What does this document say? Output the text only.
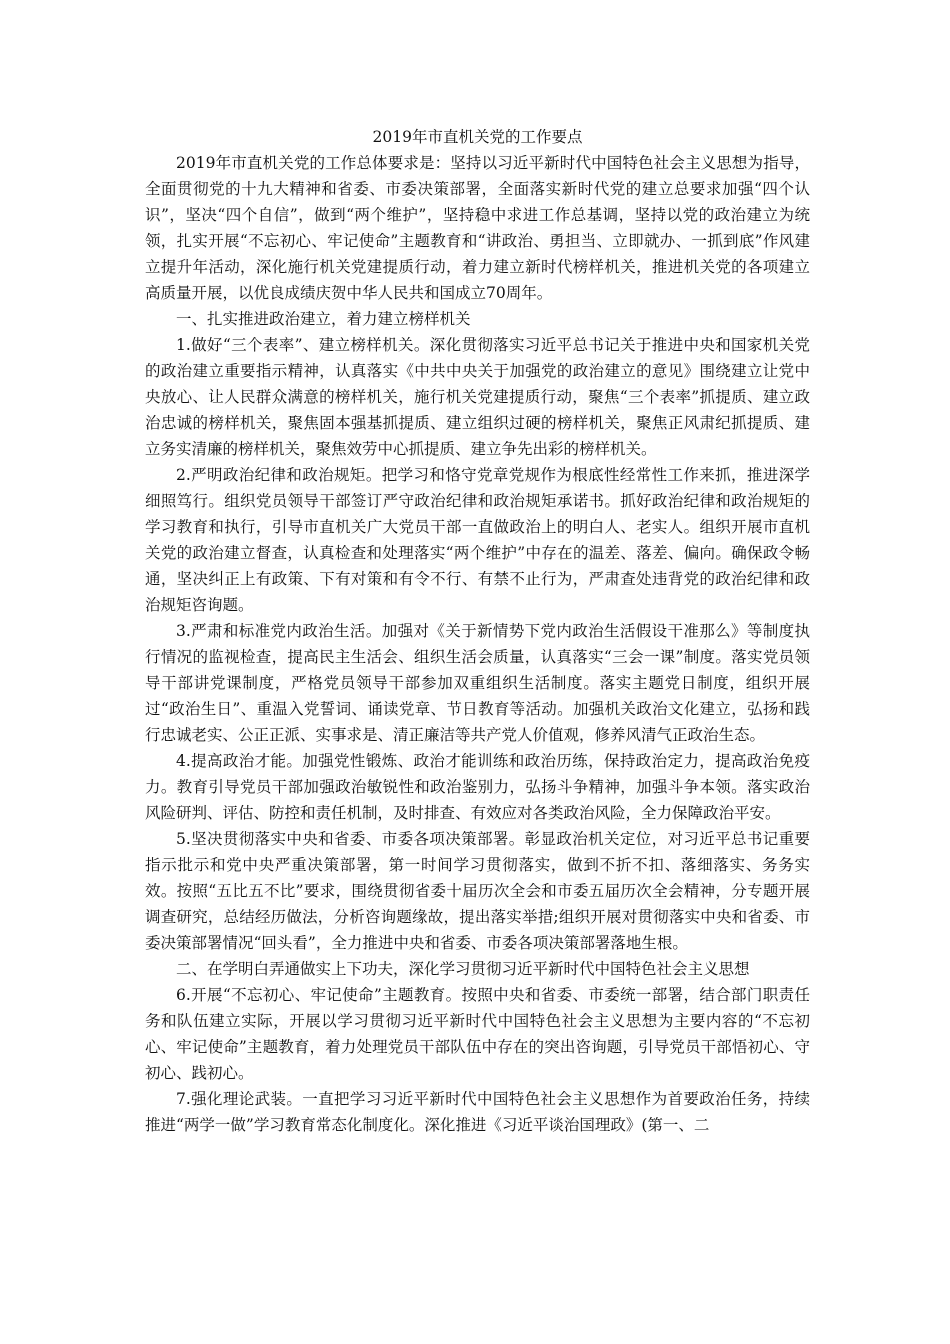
2019年市直机关党的工作要点

2019年市直机关党的工作总体要求是：坚持以习近平新时代中国特色社会主义思想为指导，全面贯彻党的十九大精神和省委、市委决策部署，全面落实新时代党的建立总要求加强“四个认识”，坚决“四个自信”，做到“两个维护”，坚持稳中求进工作总基调，坚持以党的政治建立为统领，扎实开展“不忘初心、牢记使命”主题教育和“讲政治、勇担当、立即就办、一抓到底”作风建立提升年活动，深化施行机关党建提质行动，着力建立新时代榜样机关，推进机关党的各项建立高质量开展，以优良成绩庆贺中华人民共和国成立70周年。

一、扎实推进政治建立，着力建立榜样机关

1.做好“三个表率”、建立榜样机关。深化贯彻落实习近平总书记关于推进中央和国家机关党的政治建立重要指示精神，认真落实《中共中央关于加强党的政治建立的意见》围绕建立让党中央放心、让人民群众满意的榜样机关，施行机关党建提质行动，聚焦“三个表率”抓提质、建立政治忠诚的榜样机关，聚焦固本强基抓提质、建立组织过硬的榜样机关，聚焦正风肃纪抓提质、建立务实清廉的榜样机关，聚焦效劳中心抓提质、建立争先出彩的榜样机关。

2.严明政治纪律和政治规矩。把学习和恪守党章党规作为根底性经常性工作来抓，推进深学细照笃行。组织党员领导干部签订严守政治纪律和政治规矩承诺书。抓好政治纪律和政治规矩的学习教育和执行，引导市直机关广大党员干部一直做政治上的明白人、老实人。组织开展市直机关党的政治建立督查，认真检查和处理落实“两个维护”中存在的温差、落差、偏向。确保政令畅通，坚决纠正上有政策、下有对策和有令不行、有禁不止行为，严肃查处违背党的政治纪律和政治规矩咨询题。

3.严肃和标准党内政治生活。加强对《关于新情势下党内政治生活假设干准那么》等制度执行情况的监视检查，提高民主生活会、组织生活会质量，认真落实“三会一课”制度。落实党员领导干部讲党课制度，严格党员领导干部参加双重组织生活制度。落实主题党日制度，组织开展过“政治生日”、重温入党誓词、诵读党章、节日教育等活动。加强机关政治文化建立，弘扬和践行忠诚老实、公正正派、实事求是、清正廉洁等共产党人价值观，修养风清气正政治生态。

4.提高政治才能。加强党性锻炼、政治才能训练和政治历练，保持政治定力，提高政治免疫力。教育引导党员干部加强政治敏锐性和政治鉴别力，弘扬斗争精神，加强斗争本领。落实政治风险研判、评估、防控和责任机制，及时排查、有效应对各类政治风险，全力保障政治平安。

5.坚决贯彻落实中央和省委、市委各项决策部署。彰显政治机关定位，对习近平总书记重要指示批示和党中央严重决策部署，第一时间学习贯彻落实，做到不折不扣、落细落实、务务实效。按照“五比五不比”要求，围绕贯彻省委十届历次全会和市委五届历次全会精神，分专题开展调查研究，总结经历做法，分析咨询题缘故，提出落实举措;组织开展对贯彻落实中央和省委、市委决策部署情况“回头看”，全力推进中央和省委、市委各项决策部署落地生根。

二、在学明白弄通做实上下功夫，深化学习贯彻习近平新时代中国特色社会主义思想

6.开展“不忘初心、牢记使命”主题教育。按照中央和省委、市委统一部署，结合部门职责任务和队伍建立实际，开展以学习贯彻习近平新时代中国特色社会主义思想为主要内容的“不忘初心、牢记使命”主题教育，着力处理党员干部队伍中存在的突出咨询题，引导党员干部悟初心、守初心、践初心。

7.强化理论武装。一直把学习习近平新时代中国特色社会主义思想作为首要政治任务，持续推进“两学一做”学习教育常态化制度化。深化推进《习近平谈治国理政》(第一、二
